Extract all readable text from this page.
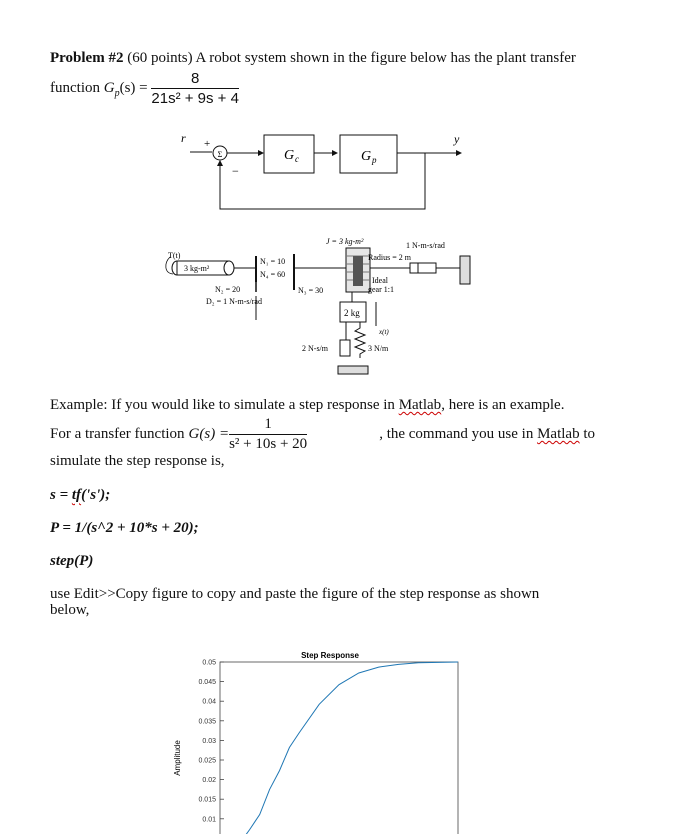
Problem #2 (60 points) A robot system shown in the figure below has the plant transfer
function $G_p(s) = \frac{8}{\text{21s² + 9s + 4}}$
r +
Σ
−
G c	G p
y
T(t)
3 kg-m²
N₁ = 10
N₄ = 60
N₂ = 20
D₂ = 1 N-m-s/rad
N₃ = 30
J = 3 kg-m²	1 N-m-s/rad
Radius = 2 m
Ideal
gear 1:1
2 kg
x(t)
2 N-s/m	3 N/m
Example: If you would like to simulate a step response in Matlab, here is an example.
For a transfer function $G(s) = \frac{1}{\text{s² + 10s + 20}}$	, the command you use in Matlab to
simulate the step response is,
s = tf('s');
P = 1/(s^2 + 10*s + 20);
step(P)
use Edit>>Copy figure to copy and paste the figure of the step response as shown
below,
Step Response
Amplitude
0.05
0.045
0.04
0.035
0.03
0.025
0.02
0.015
0.01
